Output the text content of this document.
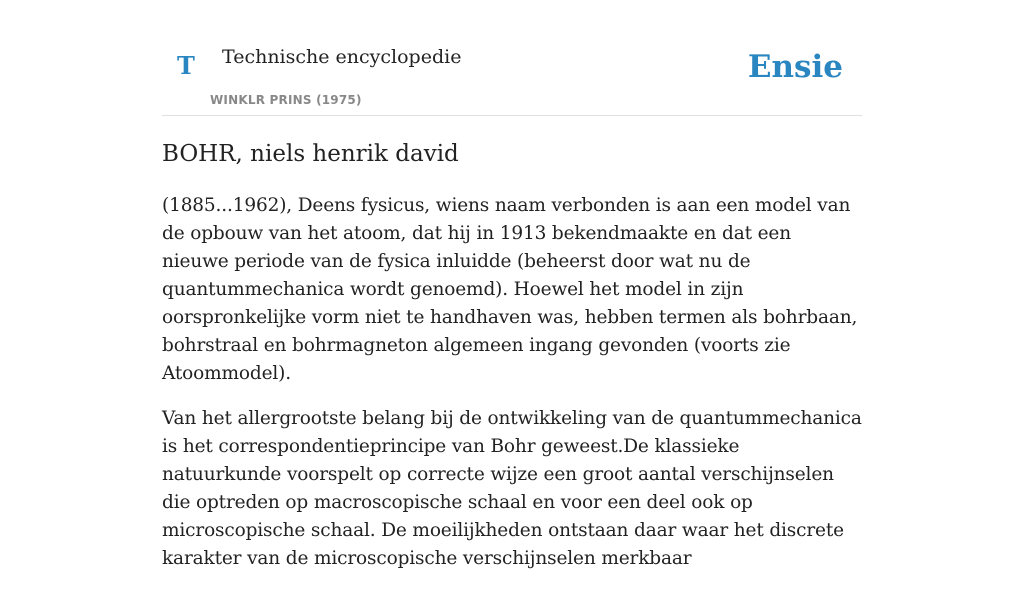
T Technische encyclopedie
WINKLR PRINS (1975)
Ensie
BOHR, niels henrik david

(1885...1962), Deens fysicus, wiens naam verbonden is aan een model van de opbouw van het atoom, dat hij in 1913 bekendmaakte en dat een nieuwe periode van de fysica inluidde (beheerst door wat nu de quantummechanica wordt genoemd). Hoewel het model in zijn oorspronkelijke vorm niet te handhaven was, hebben termen als bohrbaan, bohrstraal en bohrmagneton algemeen ingang gevonden (voorts zie Atoommodel).

Van het allergrootste belang bij de ontwikkeling van de quantummechanica is het correspondentieprincipe van Bohr geweest.De klassieke natuurkunde voorspelt op correcte wijze een groot aantal verschijnselen die optreden op macroscopische schaal en voor een deel ook op microscopische schaal. De moeilijkheden ontstaan daar waar het discrete karakter van de microscopische verschijnselen merkbaar
